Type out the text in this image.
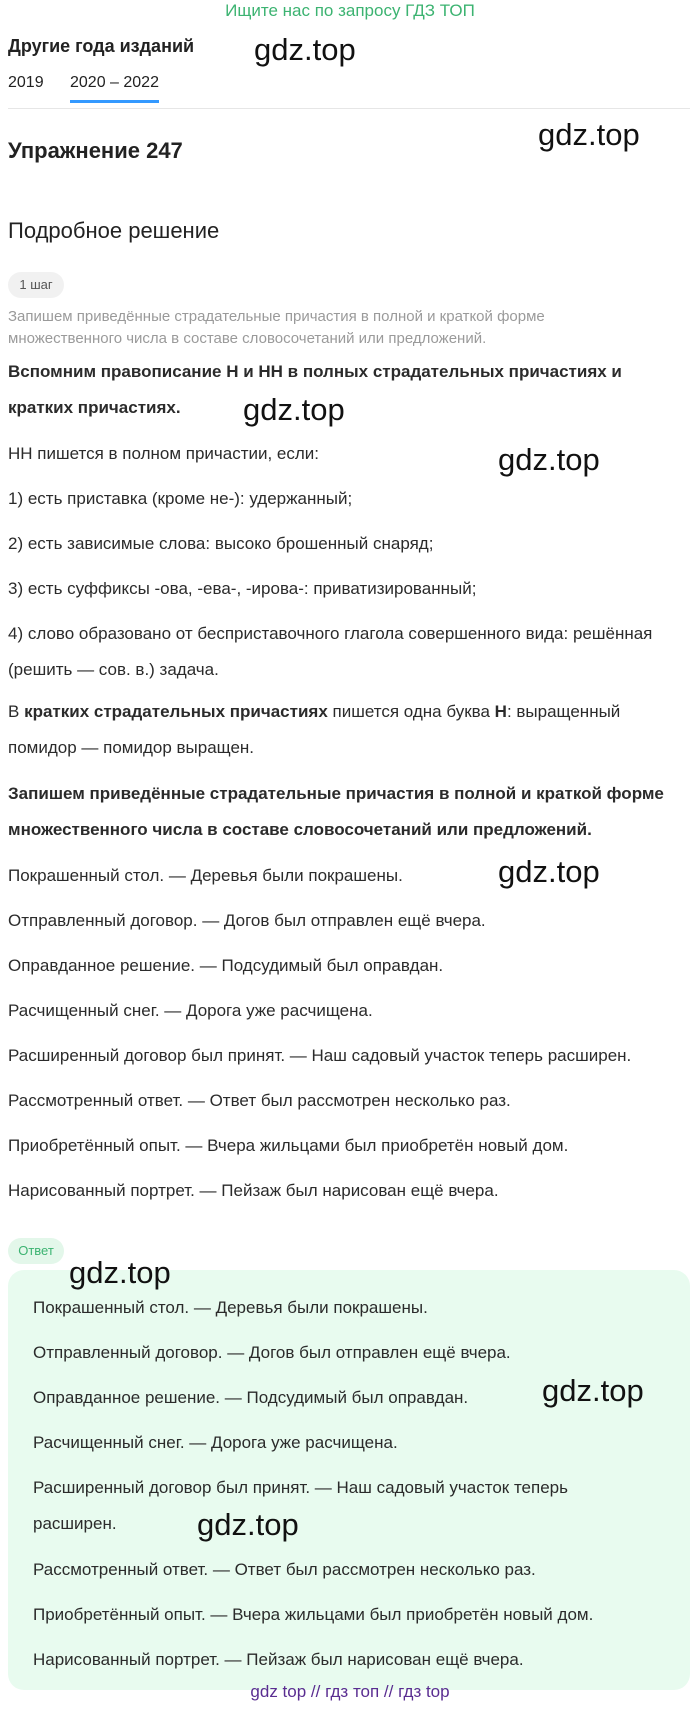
Ищите нас по запросу ГДЗ ТОП
Другие года изданий
2019 2020 – 2022
Упражнение 247
Подробное решение
1 шаг
Запишем приведённые страдательные причастия в полной и краткой форме множественного числа в составе словосочетаний или предложений.
Вспомним правописание Н и НН в полных страдательных причастиях и кратких причастиях.
НН пишется в полном причастии, если:
1) есть приставка (кроме не-): удержанный;
2) есть зависимые слова: высоко брошенный снаряд;
3) есть суффиксы -ова, -ева-, -ирова-: приватизированный;
4) слово образовано от бесприставочного глагола совершенного вида: решённая (решить — сов. в.) задача.
В кратких страдательных причастиях пишется одна буква Н: выращенный помидор — помидор выращен.
Запишем приведённые страдательные причастия в полной и краткой форме множественного числа в составе словосочетаний или предложений.
Покрашенный стол. — Деревья были покрашены.
Отправленный договор. — Догов был отправлен ещё вчера.
Оправданное решение. — Подсудимый был оправдан.
Расчищенный снег. — Дорога уже расчищена.
Расширенный договор был принят. — Наш садовый участок теперь расширен.
Рассмотренный ответ. — Ответ был рассмотрен несколько раз.
Приобретённый опыт. — Вчера жильцами был приобретён новый дом.
Нарисованный портрет. — Пейзаж был нарисован ещё вчера.
Ответ
Покрашенный стол. — Деревья были покрашены.
Отправленный договор. — Догов был отправлен ещё вчера.
Оправданное решение. — Подсудимый был оправдан.
Расчищенный снег. — Дорога уже расчищена.
Расширенный договор был принят. — Наш садовый участок теперь расширен.
Рассмотренный ответ. — Ответ был рассмотрен несколько раз.
Приобретённый опыт. — Вчера жильцами был приобретён новый дом.
Нарисованный портрет. — Пейзаж был нарисован ещё вчера.
gdz.top
gdz.top
gdz.top
gdz.top
gdz.top
gdz.top
gdz.top
gdz.top
gdz top // гдз топ // гдз top
